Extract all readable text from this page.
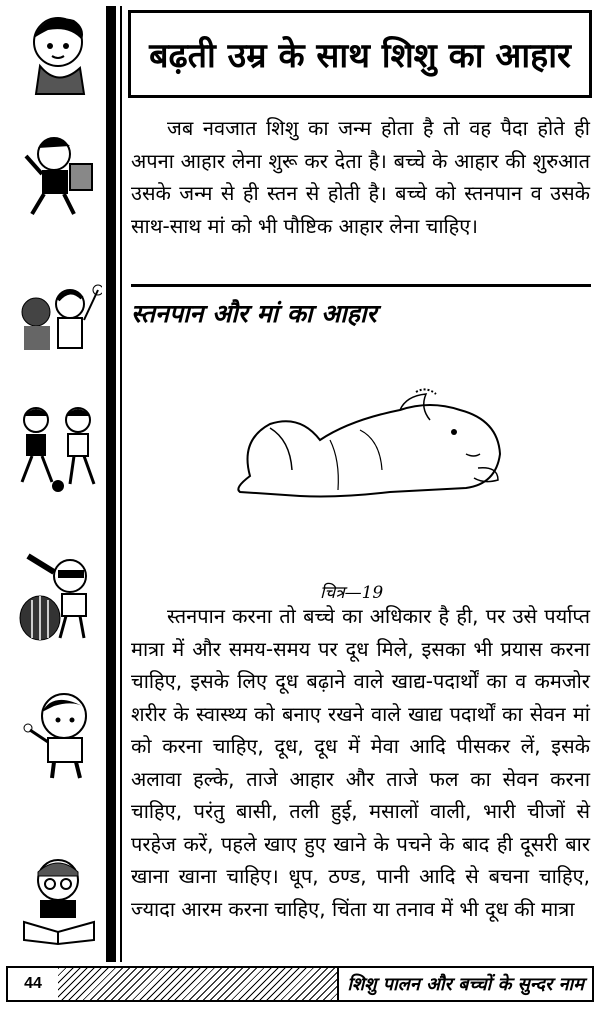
बढ़ती उम्र के साथ शिशु का आहार

जब नवजात शिशु का जन्म होता है तो वह पैदा होते ही अपना आहार लेना शुरू कर देता है। बच्चे के आहार की शुरुआत उसके जन्म से ही स्तन से होती है। बच्चे को स्तनपान व उसके साथ-साथ मां को भी पौष्टिक आहार लेना चाहिए।

स्तनपान और मां का आहार
चित्र—19

स्तनपान करना तो बच्चे का अधिकार है ही, पर उसे पर्याप्त मात्रा में और समय-समय पर दूध मिले, इसका भी प्रयास करना चाहिए, इसके लिए दूध बढ़ाने वाले खाद्य-पदार्थों का व कमजोर शरीर के स्वास्थ्य को बनाए रखने वाले खाद्य पदार्थों का सेवन मां को करना चाहिए, दूध, दूध में मेवा आदि पीसकर लें, इसके अलावा हल्के, ताजे आहार और ताजे फल का सेवन करना चाहिए, परंतु बासी, तली हुई, मसालों वाली, भारी चीजों से परहेज करें, पहले खाए हुए खाने के पचने के बाद ही दूसरी बार खाना खाना चाहिए। धूप, ठण्ड, पानी आदि से बचना चाहिए, ज्यादा आरम करना चाहिए, चिंता या तनाव में भी दूध की मात्रा

44	शिशु पालन और बच्चों के सुन्दर नाम
